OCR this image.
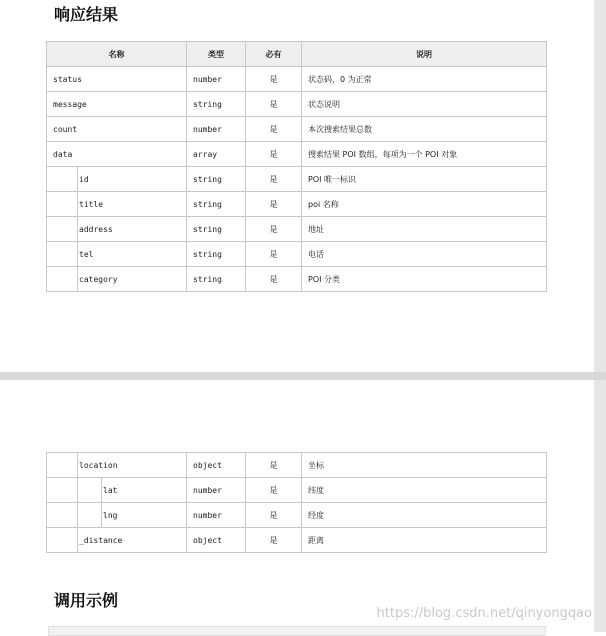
响应结果
名称	类型	必有	说明
status	number	是	状态码，0 为正常
message	string	是	状态说明
count	number	是	本次搜索结果总数
data	array	是	搜索结果 POI 数组，每项为一个 POI 对象

id	string	是	POI 唯一标识

title	string	是	poi 名称

address	string	是	地址

tel	string	是	电话

category	string	是	POI 分类
location	object	是	坐标

lat	number	是	纬度

lng	number	是	经度

_distance	object	是	距离
调用示例
https://blog.csdn.net/qinyongqao
